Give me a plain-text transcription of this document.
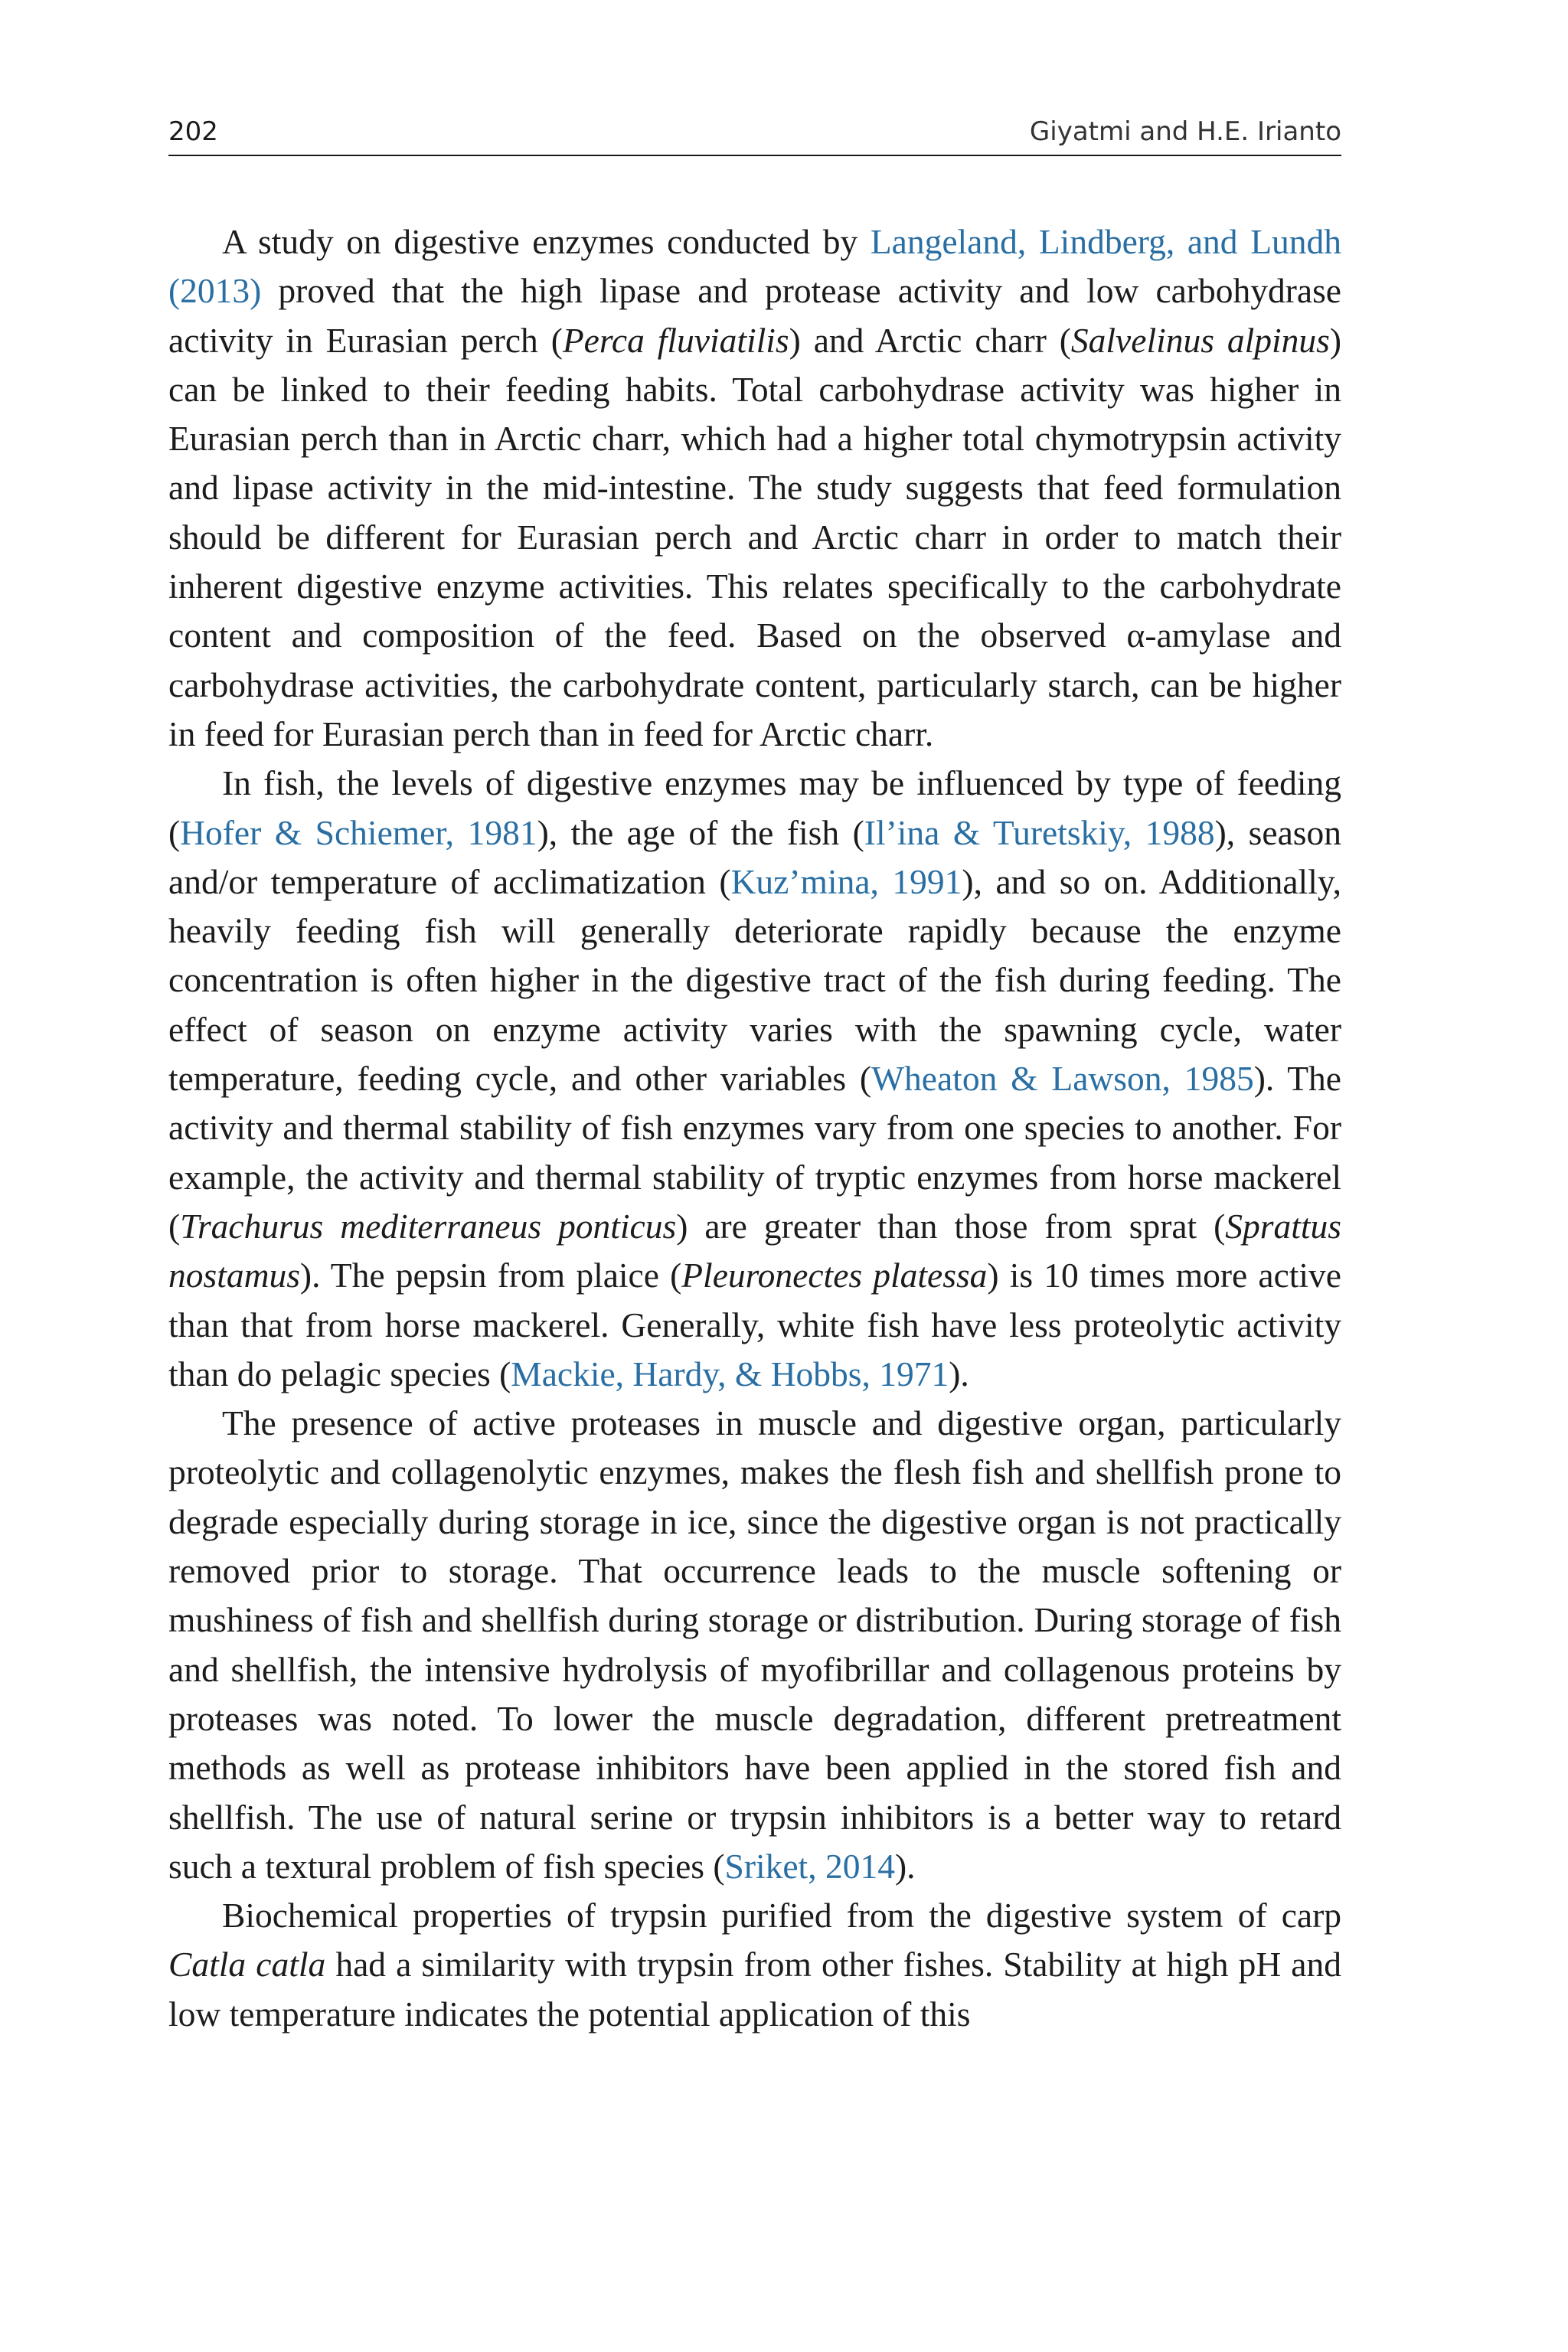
202	Giyatmi and H.E. Irianto

A study on digestive enzymes conducted by Langeland, Lindberg, and Lundh (2013) proved that the high lipase and protease activity and low carbohydrase activity in Eurasian perch (Perca fluviatilis) and Arctic charr (Salvelinus alpinus) can be linked to their feeding habits. Total carbohydrase activity was higher in Eurasian perch than in Arctic charr, which had a higher total chymotrypsin activity and lipase activity in the mid-intestine. The study suggests that feed formulation should be different for Eurasian perch and Arctic charr in order to match their inherent digestive enzyme activities. This relates specifically to the carbohydrate content and composition of the feed. Based on the observed α-amylase and carbohydrase activities, the carbohydrate content, particularly starch, can be higher in feed for Eurasian perch than in feed for Arctic charr.

In fish, the levels of digestive enzymes may be influenced by type of feeding (Hofer & Schiemer, 1981), the age of the fish (Il’ina & Turetskiy, 1988), season and/or temperature of acclimatization (Kuz’mina, 1991), and so on. Additionally, heavily feeding fish will generally deteriorate rapidly because the enzyme concentration is often higher in the digestive tract of the fish during feeding. The effect of season on enzyme activity varies with the spawning cycle, water temperature, feeding cycle, and other variables (Wheaton & Lawson, 1985). The activity and thermal stability of fish enzymes vary from one species to another. For example, the activity and thermal stability of tryptic enzymes from horse mackerel (Trachurus mediterraneus ponticus) are greater than those from sprat (Sprattus nostamus). The pepsin from plaice (Pleuronectes platessa) is 10 times more active than that from horse mackerel. Generally, white fish have less proteolytic activity than do pelagic species (Mackie, Hardy, & Hobbs, 1971).

The presence of active proteases in muscle and digestive organ, particularly proteolytic and collagenolytic enzymes, makes the flesh fish and shellfish prone to degrade especially during storage in ice, since the digestive organ is not practically removed prior to storage. That occurrence leads to the muscle softening or mushiness of fish and shellfish during storage or distribution. During storage of fish and shellfish, the intensive hydrolysis of myofibrillar and collagenous proteins by proteases was noted. To lower the muscle degradation, different pretreatment methods as well as protease inhibitors have been applied in the stored fish and shellfish. The use of natural serine or trypsin inhibitors is a better way to retard such a textural problem of fish species (Sriket, 2014).

Biochemical properties of trypsin purified from the digestive system of carp Catla catla had a similarity with trypsin from other fishes. Stability at high pH and low temperature indicates the potential application of this
